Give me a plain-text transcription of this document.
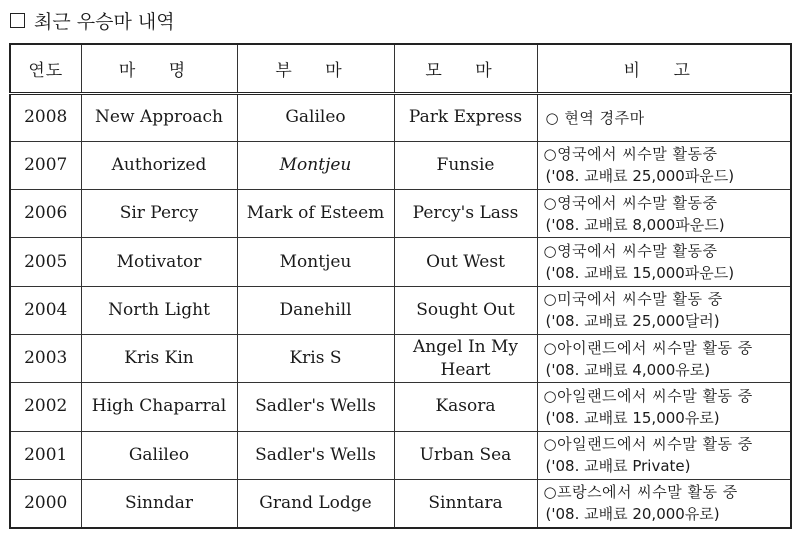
최근 우승마 내역
연도	마 명	부 마	모 마	비 고
2008	New Approach	Galileo	Park Express	○ 현역 경주마

2007	Authorized	Montjeu	Funsie	○영국에서 씨수말 활동중
('08. 교배료 25,000파운드)

2006	Sir Percy	Mark of Esteem	Percy's Lass	○영국에서 씨수말 활동중
('08. 교배료 8,000파운드)

2005	Motivator	Montjeu	Out West	○영국에서 씨수말 활동중
('08. 교배료 15,000파운드)

2004	North Light	Danehill	Sought Out	○미국에서 씨수말 활동 중
('08. 교배료 25,000달러)

2003	Kris Kin	Kris S	Angel In My Heart	○아이랜드에서 씨수말 활동 중
('08. 교배료 4,000유로)

2002	High Chaparral	Sadler's Wells	Kasora	○아일랜드에서 씨수말 활동 중
('08. 교배료 15,000유로)

2001	Galileo	Sadler's Wells	Urban Sea	○아일랜드에서 씨수말 활동 중
('08. 교배료 Private)

2000	Sinndar	Grand Lodge	Sinntara	○프랑스에서 씨수말 활동 중
('08. 교배료 20,000유로)
